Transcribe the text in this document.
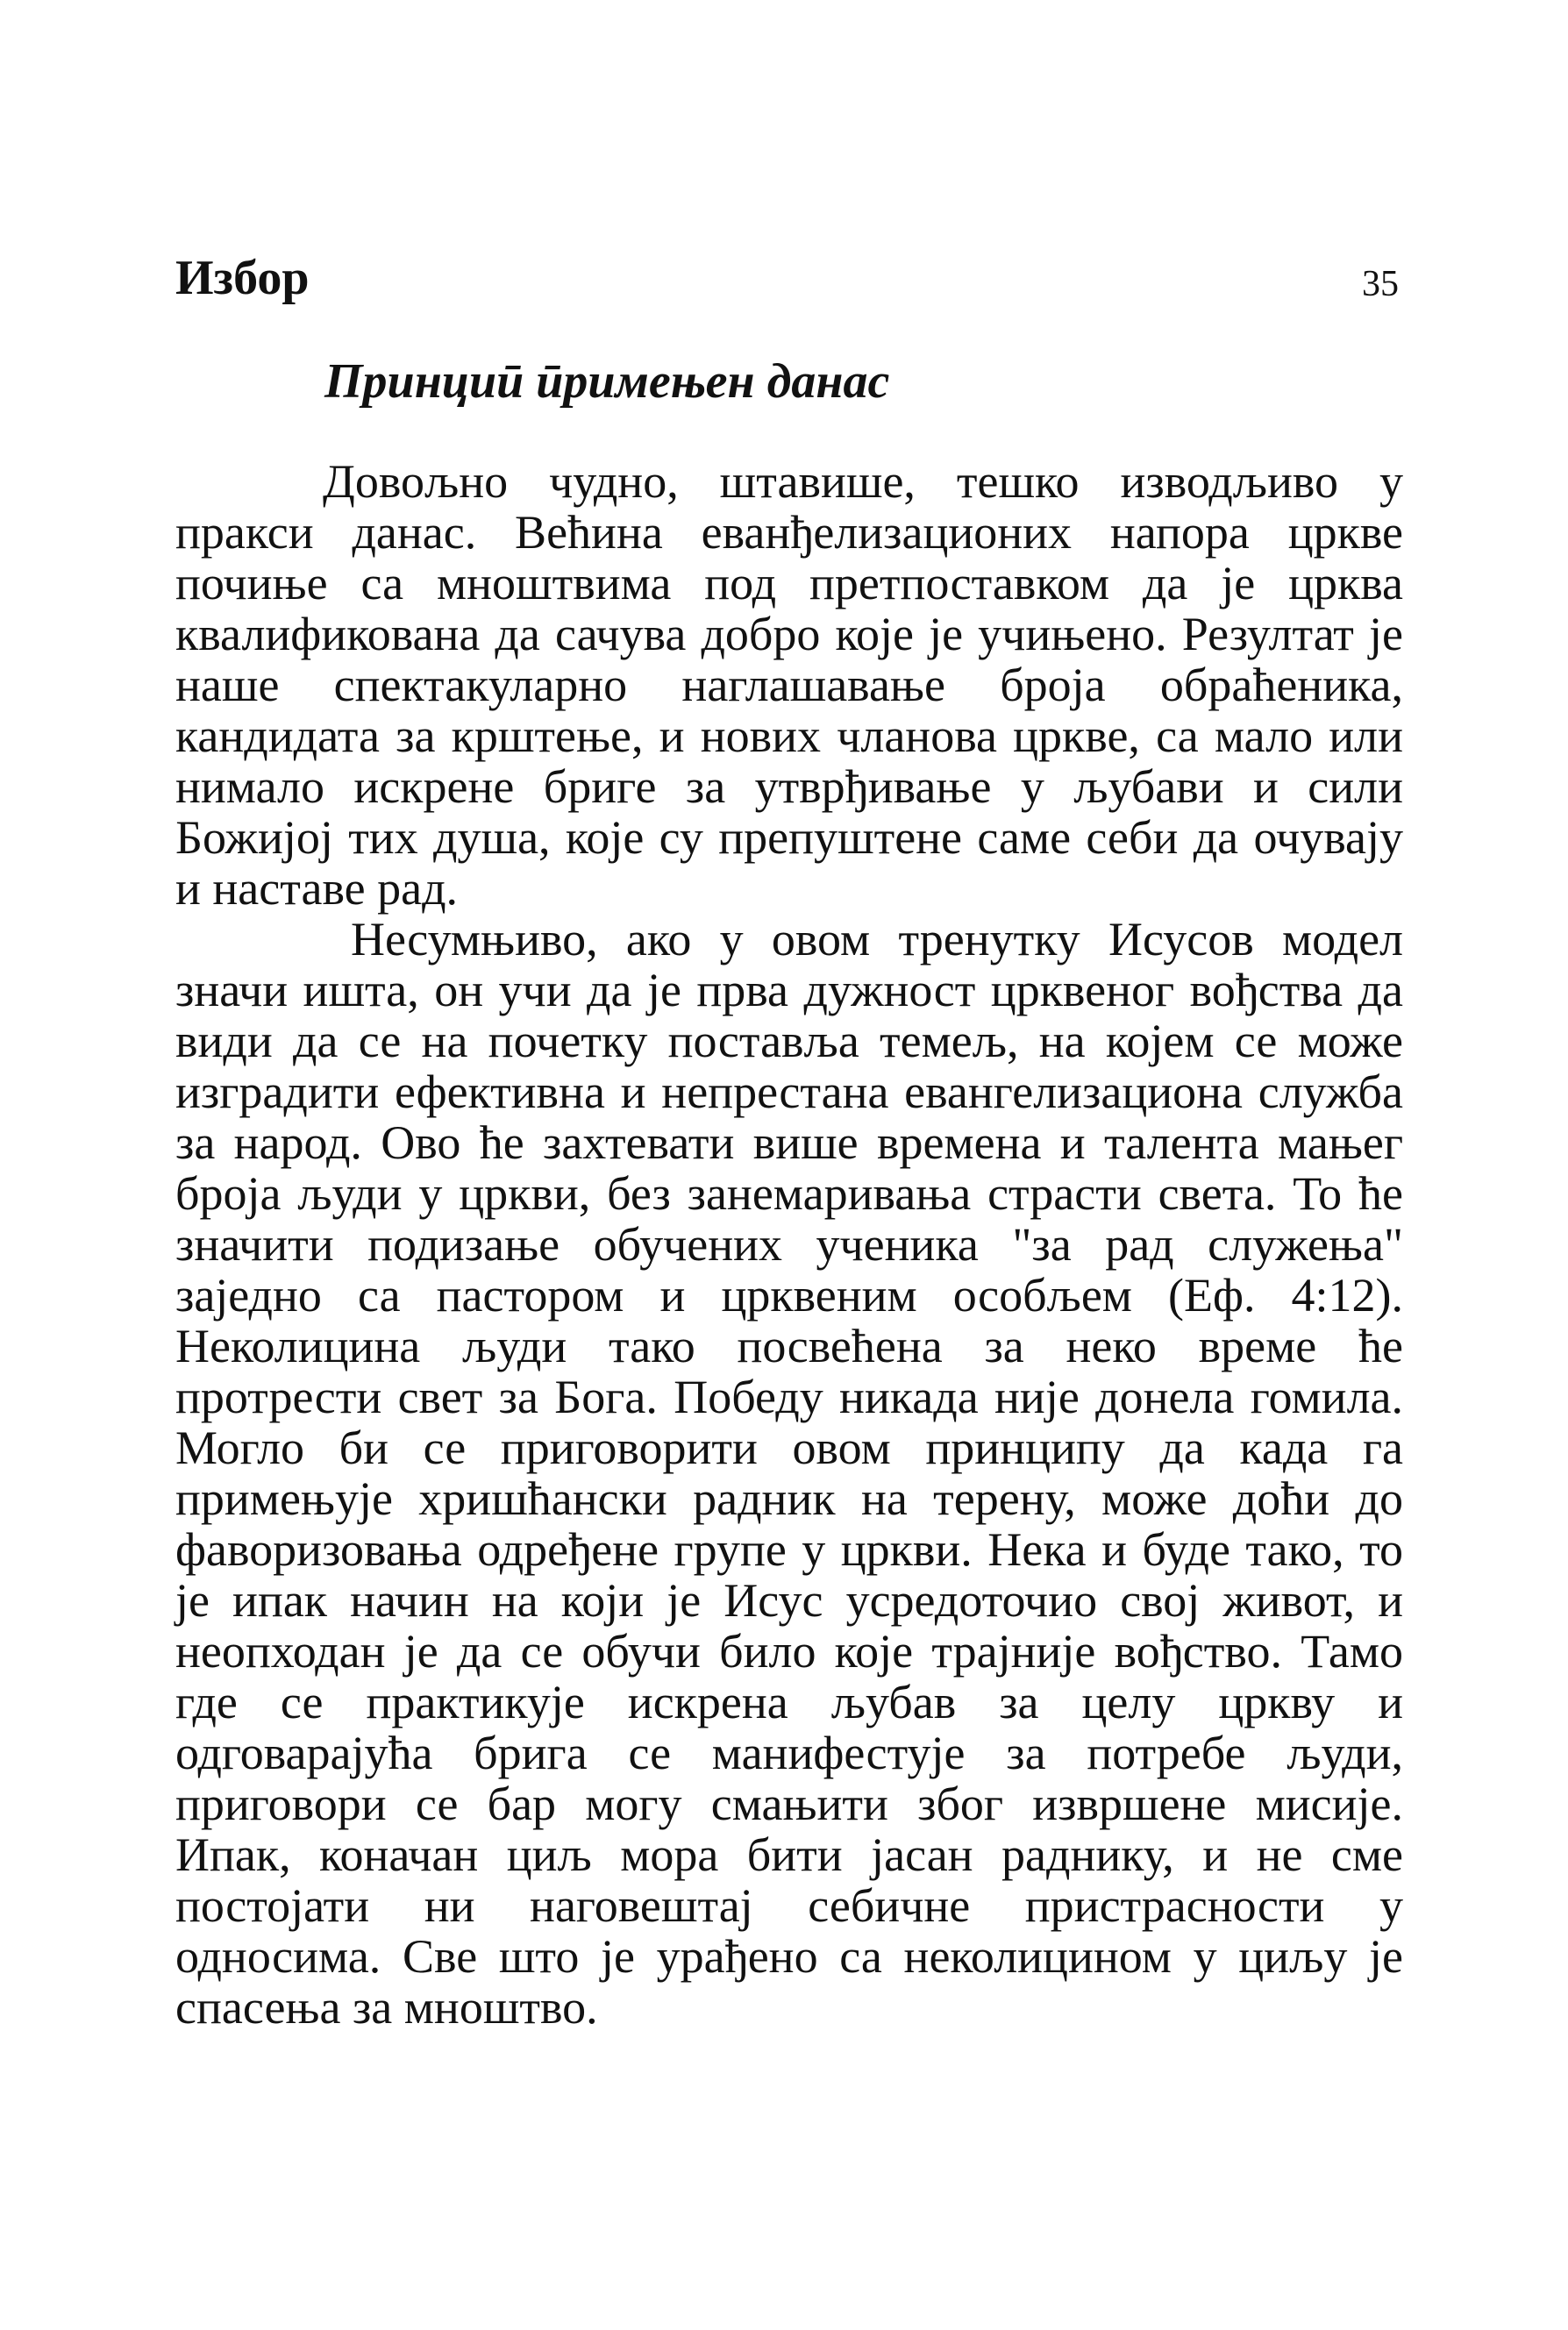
Избор	35
Принциū ūримењен данас

Довољно чудно, штавише, тешко изводљиво у пракси данас. Већина еванђелизационих напора цркве почиње са мноштвима под претпоставком да је црква квалификована да сачува добро које је учињено. Резултат је наше спектакуларно наглашавање броја обраћеника, кандидата за крштење, и нових чланова цркве, са мало или нимало искрене бриге за утврђивање у љубави и сили Божијој тих душа, које су препуштене саме себи да очувају и наставе рад.

Несумњиво, ако у овом тренутку Исусов модел значи ишта, он учи да је прва дужност црквеног вођства да види да се на почетку поставља темељ, на којем се може изградити ефективна и непрестана евангелизациона служба за народ. Ово ће захтевати више времена и талента мањег броја људи у цркви, без занемаривања страсти света. То ће значити подизање обучених ученика "за рад служења" заједно са пастором и црквеним особљем (Еф. 4:12). Неколицина људи тако посвећена за неко време ће протрести свет за Бога. Победу никада није донела гомила. Могло би се приговорити овом принципу да када га примењује хришћански радник на терену, може доћи до фаворизовања одређене групе у цркви. Нека и буде тако, то је ипак начин на који је Исус усредоточио свој живот, и неопходан је да се обучи било које трајније вођство. Тамо где се практикује искрена љубав за целу цркву и одговарајућа брига се манифестује за потребе људи, приговори се бар могу смањити због извршене мисије. Ипак, коначан циљ мора бити јасан раднику, и не сме постојати ни наговештај себичне пристрасности у односима. Све што је урађено са неколицином у циљу је спасења за мноштво.
